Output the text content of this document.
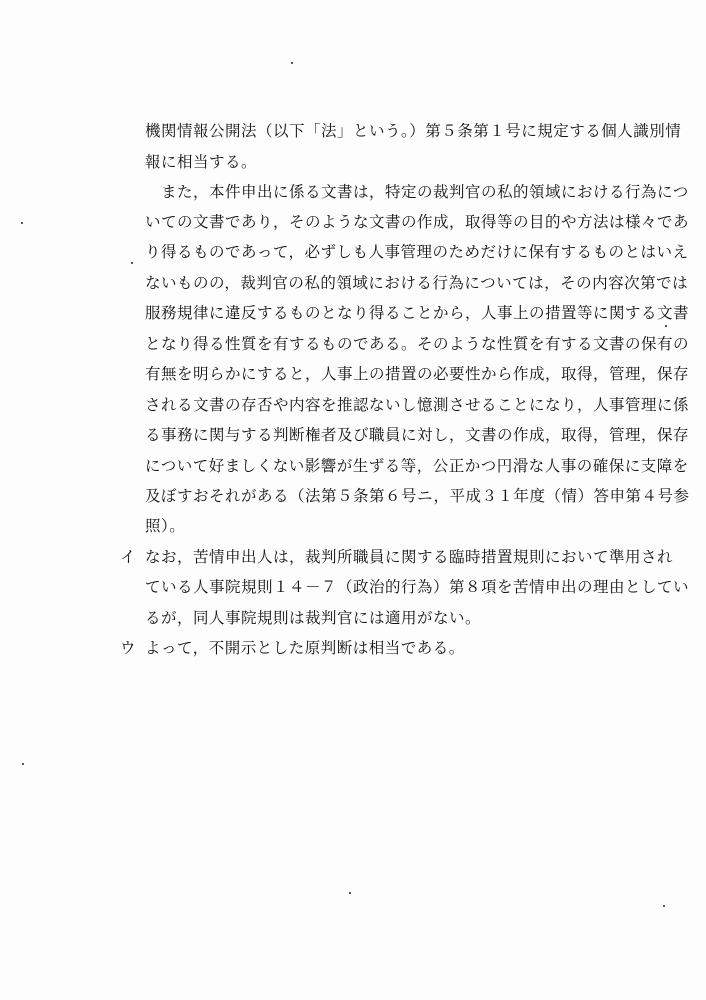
機関情報公開法（以下「法」という。）第５条第１号に規定する個人識別情
報に相当する。
　また，本件申出に係る文書は，特定の裁判官の私的領域における行為につ
いての文書であり，そのような文書の作成，取得等の目的や方法は様々であ
り得るものであって，必ずしも人事管理のためだけに保有するものとはいえ
ないものの，裁判官の私的領域における行為については，その内容次第では
服務規律に違反するものとなり得ることから，人事上の措置等に関する文書
となり得る性質を有するものである。そのような性質を有する文書の保有の
有無を明らかにすると，人事上の措置の必要性から作成，取得，管理，保存
される文書の存否や内容を推認ないし憶測させることになり，人事管理に係
る事務に関与する判断権者及び職員に対し，文書の作成，取得，管理，保存
について好ましくない影響が生ずる等，公正かつ円滑な人事の確保に支障を
及ぼすおそれがある（法第５条第６号ニ，平成３１年度（情）答申第４号参
照）。
イ なお，苦情申出人は，裁判所職員に関する臨時措置規則において準用され
ている人事院規則１４－７（政治的行為）第８項を苦情申出の理由としてい
るが，同人事院規則は裁判官には適用がない。
ウ よって，不開示とした原判断は相当である。
